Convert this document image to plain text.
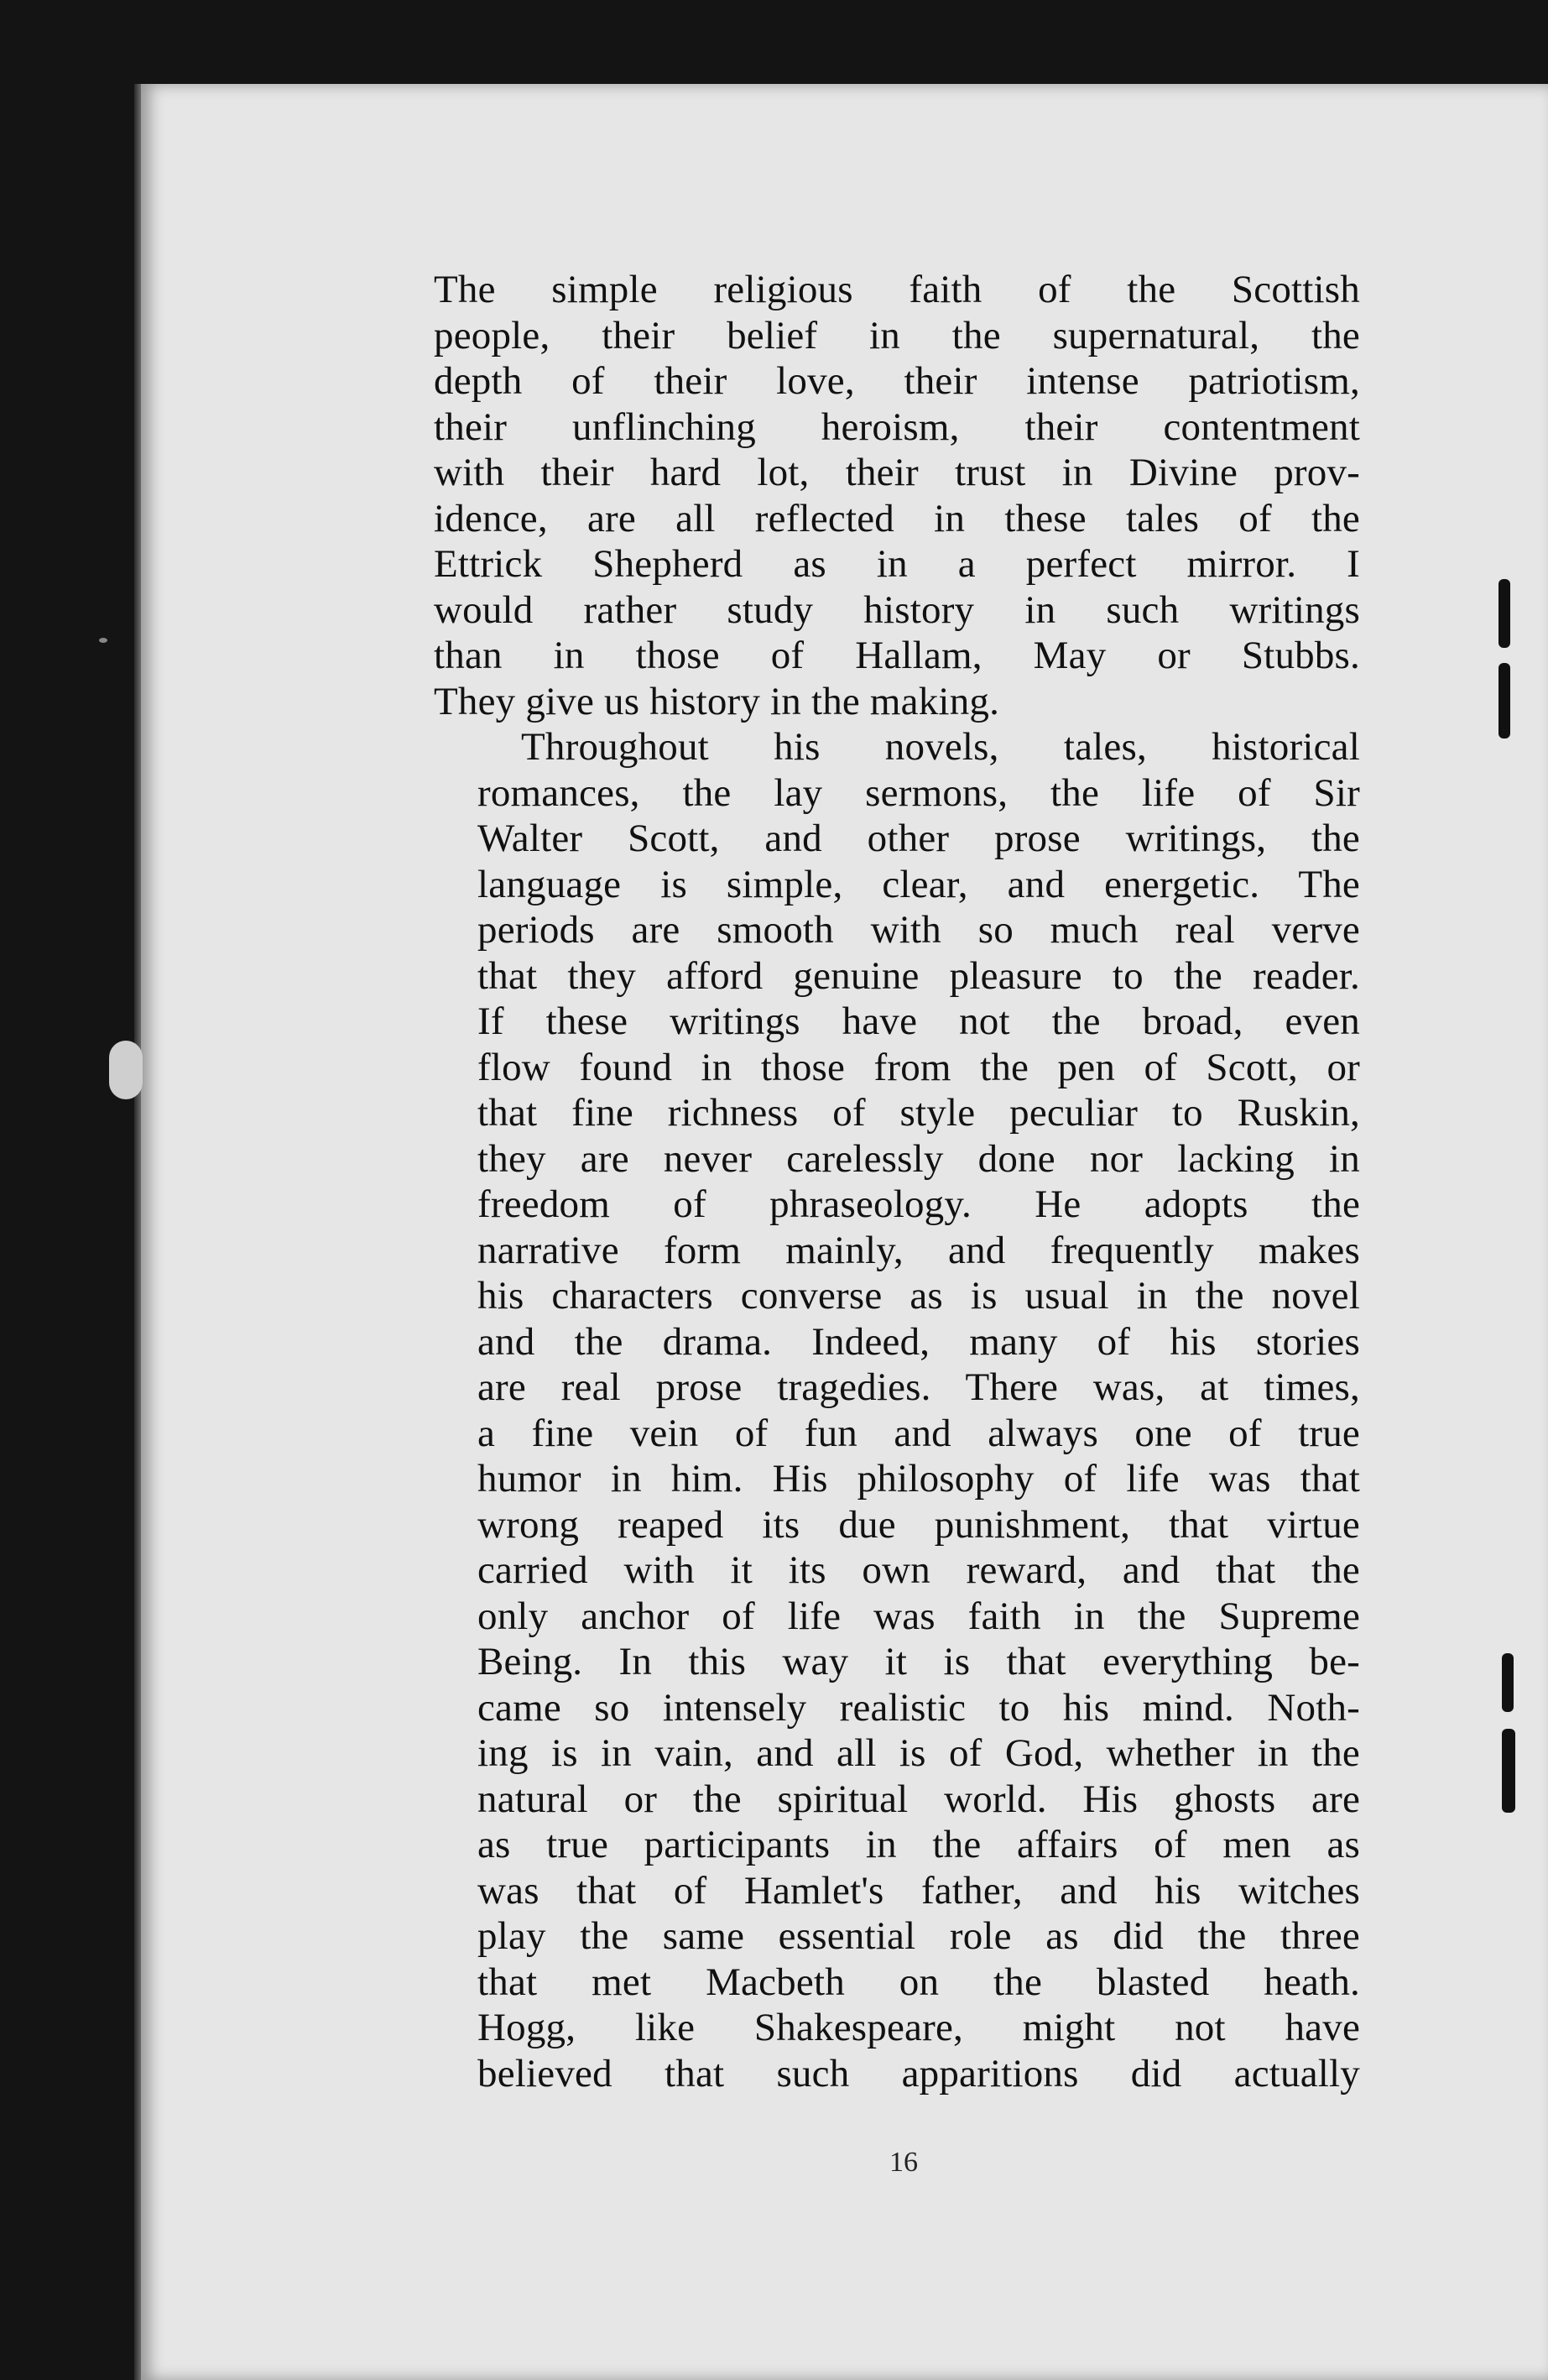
The simple religious faith of the Scottish
people, their belief in the supernatural, the
depth of their love, their intense patriotism,
their unflinching heroism, their contentment
with their hard lot, their trust in Divine prov-
idence, are all reflected in these tales of the
Ettrick Shepherd as in a perfect mirror. I
would rather study history in such writings
than in those of Hallam, May or Stubbs.
They give us history in the making.
Throughout his novels, tales, historical
romances, the lay sermons, the life of Sir
Walter Scott, and other prose writings, the
language is simple, clear, and energetic. The
periods are smooth with so much real verve
that they afford genuine pleasure to the reader.
If these writings have not the broad, even
flow found in those from the pen of Scott, or
that fine richness of style peculiar to Ruskin,
they are never carelessly done nor lacking in
freedom of phraseology. He adopts the
narrative form mainly, and frequently makes
his characters converse as is usual in the novel
and the drama. Indeed, many of his stories
are real prose tragedies. There was, at times,
a fine vein of fun and always one of true
humor in him. His philosophy of life was that
wrong reaped its due punishment, that virtue
carried with it its own reward, and that the
only anchor of life was faith in the Supreme
Being. In this way it is that everything be-
came so intensely realistic to his mind. Noth-
ing is in vain, and all is of God, whether in the
natural or the spiritual world. His ghosts are
as true participants in the affairs of men as
was that of Hamlet's father, and his witches
play the same essential role as did the three
that met Macbeth on the blasted heath.
Hogg, like Shakespeare, might not have
believed that such apparitions did actually
16
